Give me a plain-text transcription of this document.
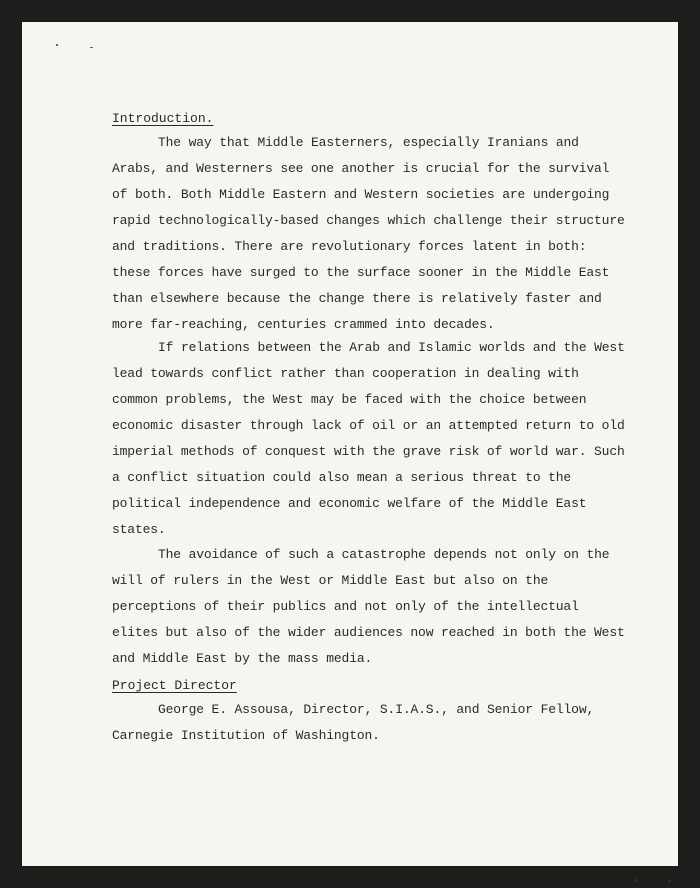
Introduction.

The way that Middle Easterners, especially Iranians and Arabs, and Westerners see one another is crucial for the survival of both. Both Middle Eastern and Western societies are undergoing rapid technologically-based changes which challenge their structure and traditions. There are revolutionary forces latent in both: these forces have surged to the surface sooner in the Middle East than elsewhere because the change there is relatively faster and more far-reaching, centuries crammed into decades.

If relations between the Arab and Islamic worlds and the West lead towards conflict rather than cooperation in dealing with common problems, the West may be faced with the choice between economic disaster through lack of oil or an attempted return to old imperial methods of conquest with the grave risk of world war. Such a conflict situation could also mean a serious threat to the political independence and economic welfare of the Middle East states.

The avoidance of such a catastrophe depends not only on the will of rulers in the West or Middle East but also on the perceptions of their publics and not only of the intellectual elites but also of the wider audiences now reached in both the West and Middle East by the mass media.

Project Director

George E. Assousa, Director, S.I.A.S., and Senior Fellow, Carnegie Institution of Washington.
